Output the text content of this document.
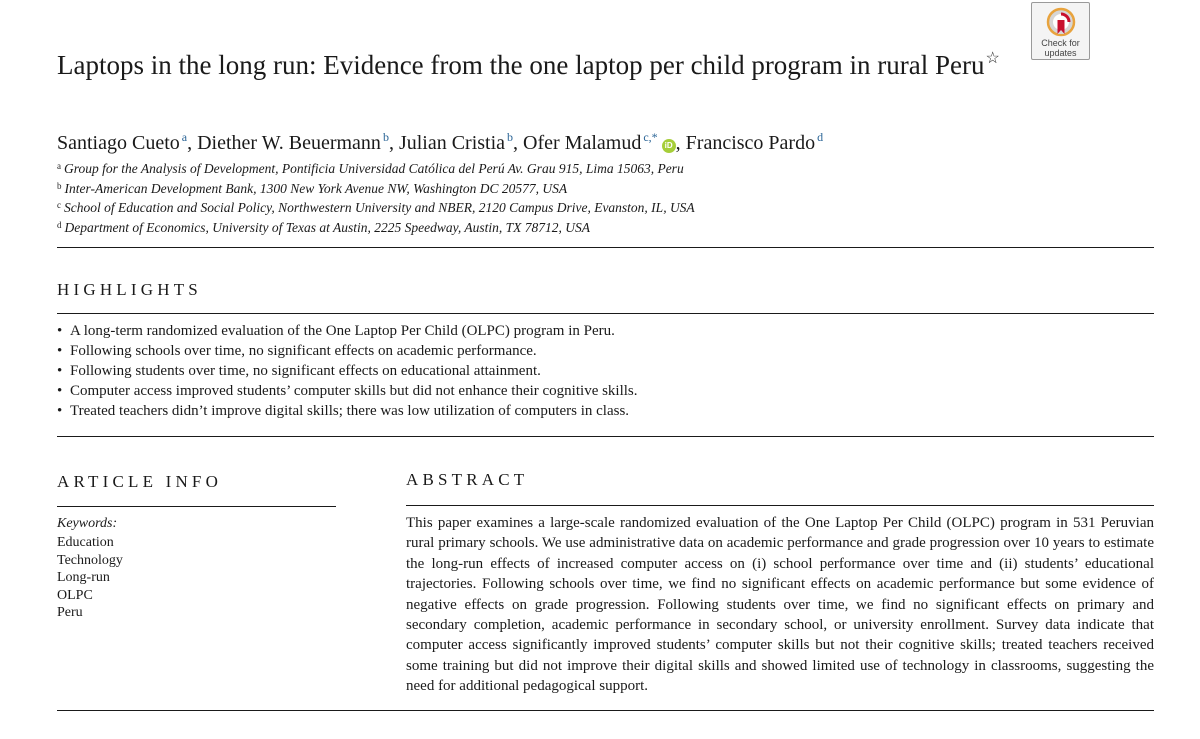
Check for
updates
Laptops in the long run: Evidence from the one laptop per child program in rural Peru☆
Santiago Cueto $^a$, Diether W. Beuermann $^b$, Julian Cristia $^b$, Ofer Malamud $^{c,*}$iD , Francisco Pardo $^d$
$^a$ Group for the Analysis of Development, Pontificia Universidad Católica del Perú Av. Grau 915, Lima 15063, Peru
$^b$ Inter-American Development Bank, 1300 New York Avenue NW, Washington DC 20577, USA
$^c$ School of Education and Social Policy, Northwestern University and NBER, 2120 Campus Drive, Evanston, IL, USA
$^d$ Department of Economics, University of Texas at Austin, 2225 Speedway, Austin, TX 78712, USA
HIGHLIGHTS
• A long-term randomized evaluation of the One Laptop Per Child (OLPC) program in Peru.
• Following schools over time, no significant effects on academic performance.
• Following students over time, no significant effects on educational attainment.
• Computer access improved students’ computer skills but did not enhance their cognitive skills.
• Treated teachers didn’t improve digital skills; there was low utilization of computers in class.
ARTICLE INFO
Keywords:
Education
Technology
Long-run
OLPC
Peru
ABSTRACT

This paper examines a large-scale randomized evaluation of the One Laptop Per Child (OLPC) program in 531 Peruvian rural primary schools. We use administrative data on academic performance and grade progression over 10 years to estimate the long-run effects of increased computer access on (i) school performance over time and (ii) students’ educational trajectories. Following schools over time, we find no significant effects on academic performance but some evidence of negative effects on grade progression. Following students over time, we find no significant effects on primary and secondary completion, academic performance in secondary school, or university enrollment. Survey data indicate that computer access significantly improved students’ computer skills but not their cognitive skills; treated teachers received some training but did not improve their digital skills and showed limited use of technology in classrooms, suggesting the need for additional pedagogical support.
